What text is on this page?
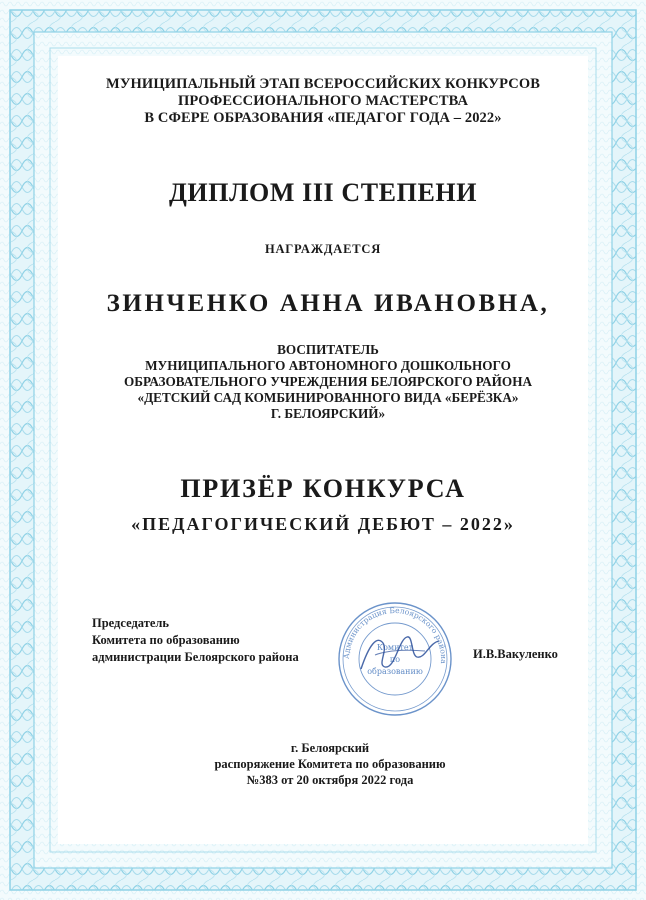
МУНИЦИПАЛЬНЫЙ ЭТАП ВСЕРОССИЙСКИХ КОНКУРСОВ
ПРОФЕССИОНАЛЬНОГО МАСТЕРСТВА
В СФЕРЕ ОБРАЗОВАНИЯ «ПЕДАГОГ ГОДА – 2022»
ДИПЛОМ III СТЕПЕНИ
НАГРАЖДАЕТСЯ
ЗИНЧЕНКО АННА ИВАНОВНА,
ВОСПИТАТЕЛЬ
МУНИЦИПАЛЬНОГО АВТОНОМНОГО ДОШКОЛЬНОГО
ОБРАЗОВАТЕЛЬНОГО УЧРЕЖДЕНИЯ БЕЛОЯРСКОГО РАЙОНА
«ДЕТСКИЙ САД КОМБИНИРОВАННОГО ВИДА «БЕРЁЗКА»
Г. БЕЛОЯРСКИЙ»
ПРИЗЁР КОНКУРСА
«ПЕДАГОГИЧЕСКИЙ ДЕБЮТ – 2022»
Председатель
Комитета по образованию
администрации Белоярского района	Администрация Белоярского района
Комитет
по
образованию
И.В.Вакуленко
г. Белоярский
распоряжение Комитета по образованию
№383 от 20 октября 2022 года
